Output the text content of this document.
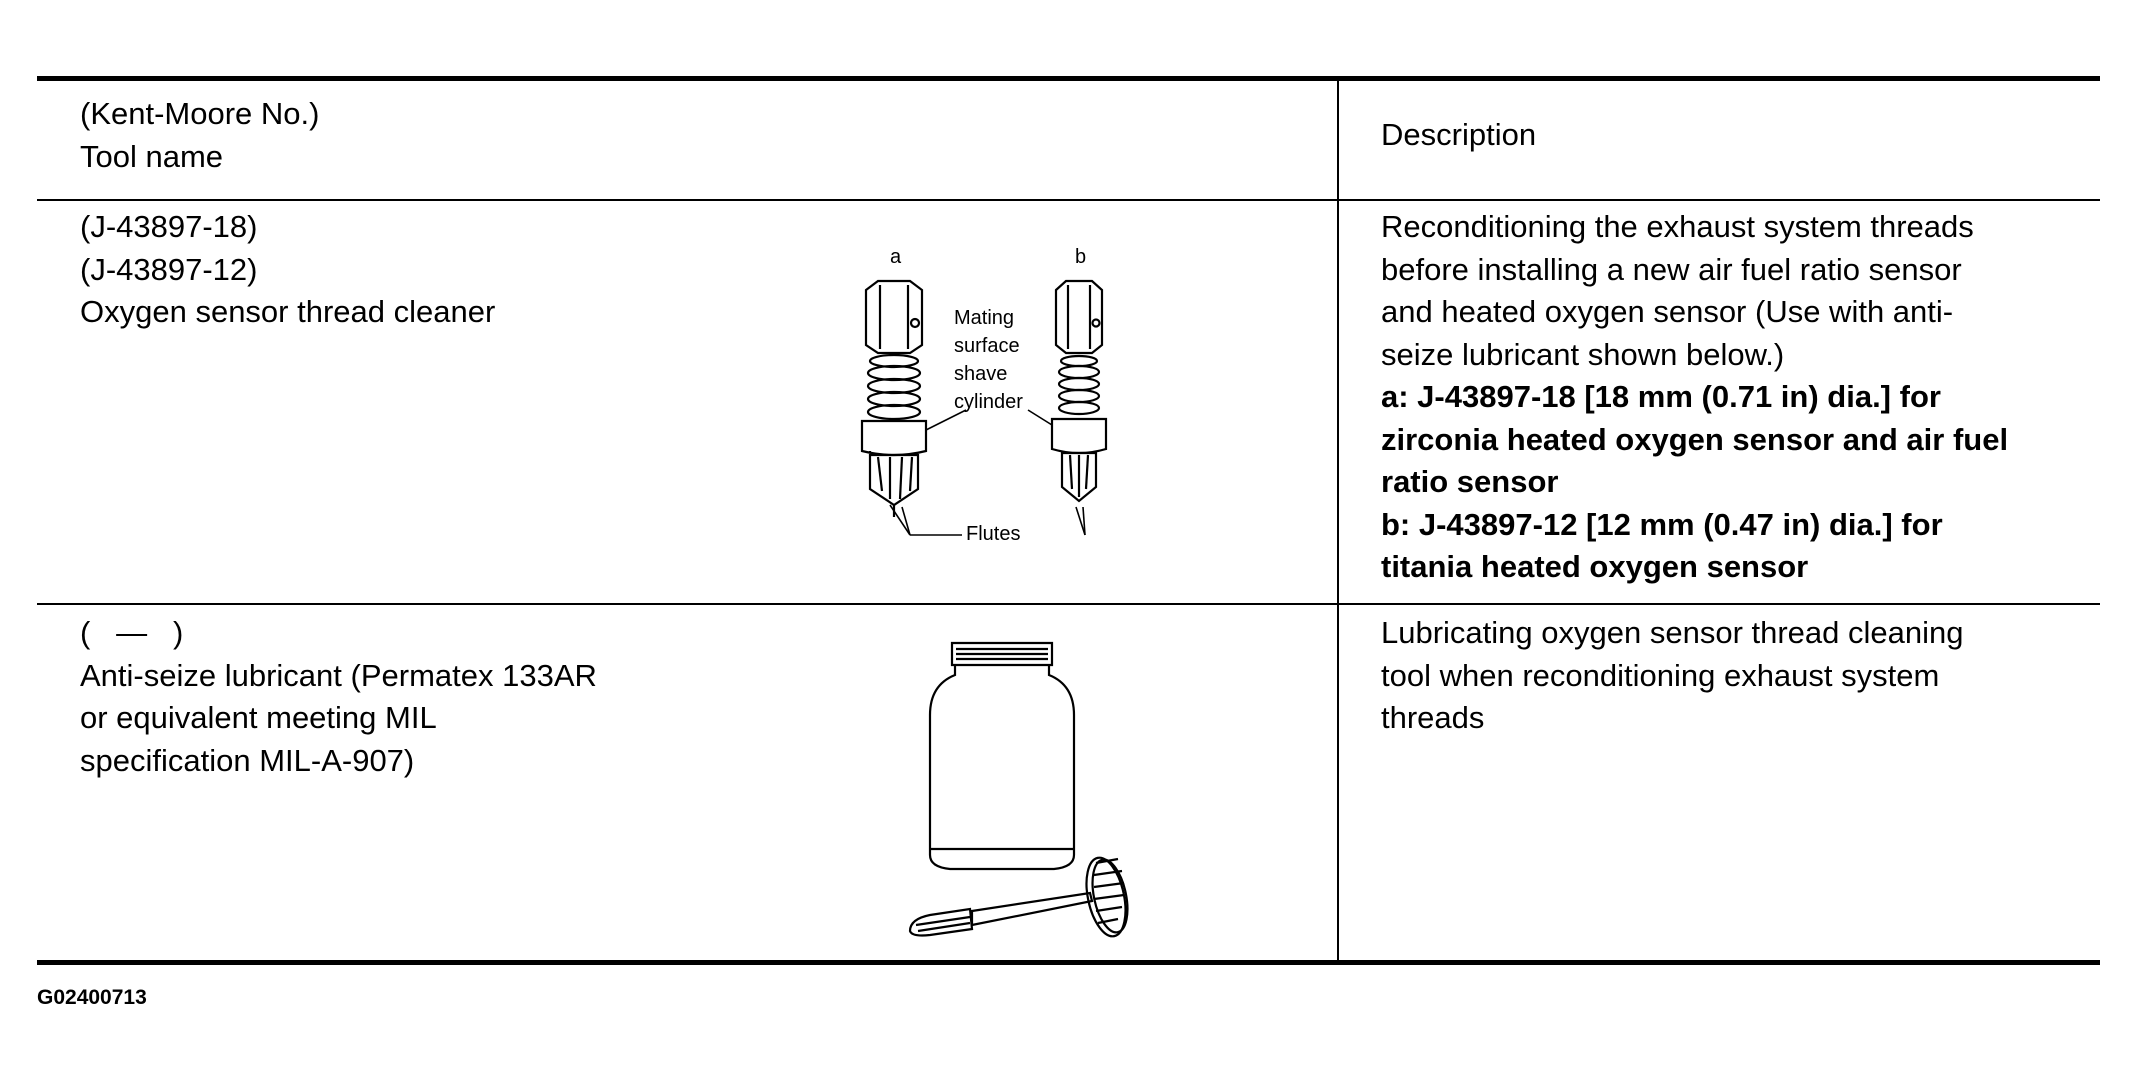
(Kent-Moore No.)
Tool name
Description
(J-43897-18)
(J-43897-12)
Oxygen sensor thread cleaner
a	b
Mating
surface
shave
cylinder
Flutes
Reconditioning the exhaust system threads
before installing a new air fuel ratio sensor
and heated oxygen sensor (Use with anti-
seize lubricant shown below.)
a: J-43897-18 [18 mm (0.71 in) dia.] for
zirconia heated oxygen sensor and air fuel
ratio sensor
b: J-43897-12 [12 mm (0.47 in) dia.] for
titania heated oxygen sensor
(   —   )
Anti-seize lubricant (Permatex 133AR
or equivalent meeting MIL
specification MIL-A-907)
Lubricating oxygen sensor thread cleaning
tool when reconditioning exhaust system
threads
G02400713
